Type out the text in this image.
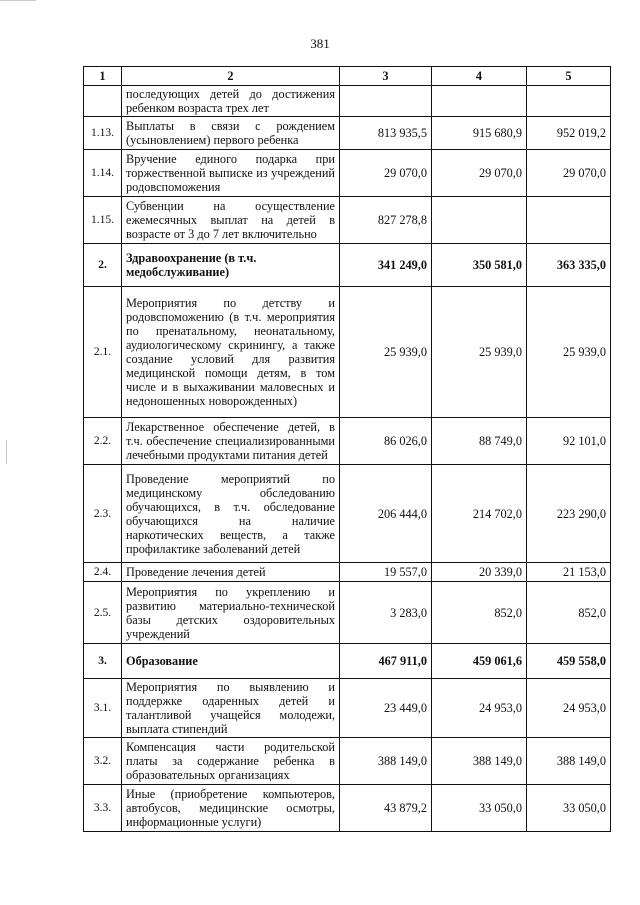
381
1	2	3	4	5
	последующих детей до достижения ребенком возраста трех лет			
1.13.	Выплаты в связи с рождением (усыновлением) первого ребенка	813 935,5	915 680,9	952 019,2
1.14.	Вручение единого подарка при торжественной выписке из учреждений родовспоможения	29 070,0	29 070,0	29 070,0
1.15.	Субвенции на осуществление ежемесячных выплат на детей в возрасте от 3 до 7 лет включительно	827 278,8		
2.	Здравоохранение (в т.ч. медобслуживание)	341 249,0	350 581,0	363 335,0
2.1.	Мероприятия по детству и родовспоможению (в т.ч. мероприятия по пренатальному, неонатальному, аудиологическому скринингу, а также создание условий для развития медицинской помощи детям, в том числе и в выхаживании маловесных и недоношенных новорожденных)	25 939,0	25 939,0	25 939,0
2.2.	Лекарственное обеспечение детей, в т.ч. обеспечение специализированными лечебными продуктами питания детей	86 026,0	88 749,0	92 101,0
2.3.	Проведение мероприятий по медицинскому обследованию обучающихся, в т.ч. обследование обучающихся на наличие наркотических веществ, а также профилактике заболеваний детей	206 444,0	214 702,0	223 290,0
2.4.	Проведение лечения детей	19 557,0	20 339,0	21 153,0
2.5.	Мероприятия по укреплению и развитию материально-технической базы детских оздоровительных учреждений	3 283,0	852,0	852,0
3.	Образование	467 911,0	459 061,6	459 558,0
3.1.	Мероприятия по выявлению и поддержке одаренных детей и талантливой учащейся молодежи, выплата стипендий	23 449,0	24 953,0	24 953,0
3.2.	Компенсация части родительской платы за содержание ребенка в образовательных организациях	388 149,0	388 149,0	388 149,0
3.3.	Иные (приобретение компьютеров, автобусов, медицинские осмотры, информационные услуги)	43 879,2	33 050,0	33 050,0
